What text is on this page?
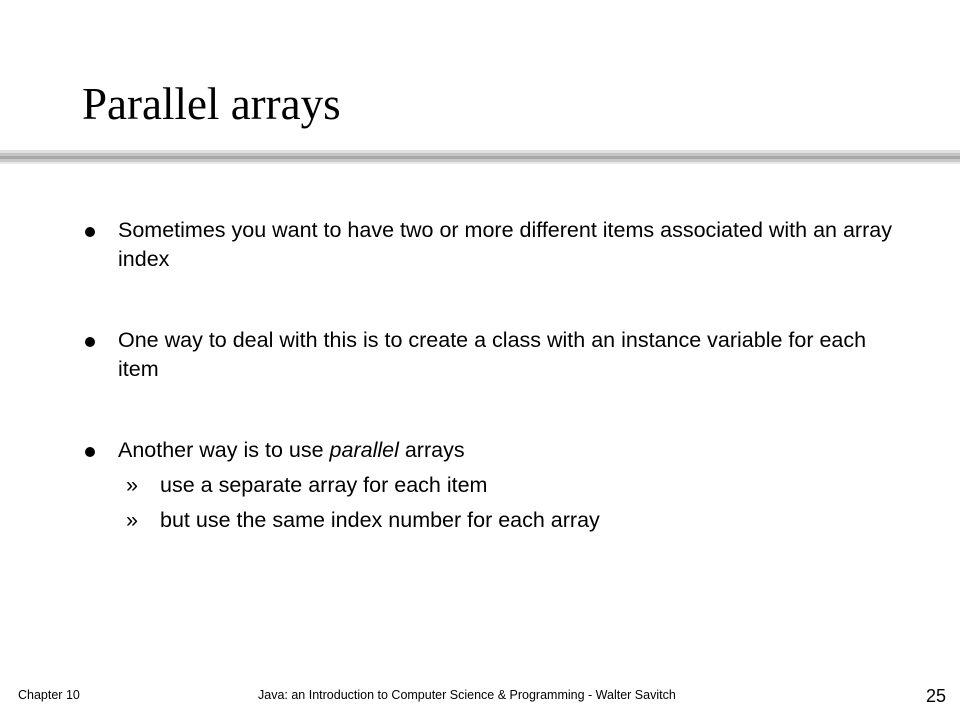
Parallel arrays
Sometimes you want to have two or more different items associated with an array index
One way to deal with this is to create a class with an instance variable for each item
Another way is to use parallel arrays
» use a separate array for each item
» but use the same index number for each array
Chapter 10	Java: an Introduction to Computer Science & Programming - Walter Savitch	25
